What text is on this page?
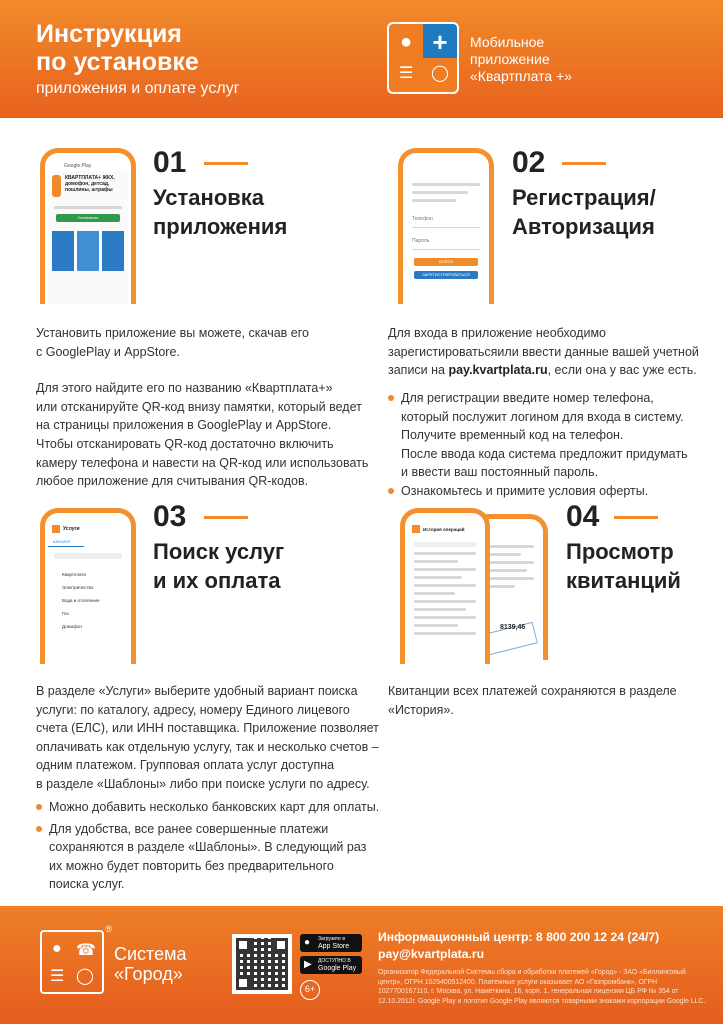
Инструкция
по установке
приложения и оплате услуг
● +
☰	◯
Мобильное
приложение
«Квартплата +»
Google Play
КВАРТПЛАТА+ ЖКХ, домофон, детсад, пошлины, штрафы
Установить
01
Установка
приложения

Установить приложение вы можете, скачав его

с GooglePlay и AppStore.

Для этого найдите его по названию «Квартплата+»

или отсканируйте QR-код внизу памятки, который ведет

на страницы приложения в GooglePlay и AppStore.

Чтобы отсканировать QR-код достаточно включить

камеру телефона и навести на QR-код или использовать

любое приложение для считывания QR-кодов.

Телефон
Пароль
ВОЙТИ
ЗАРЕГИСТРИРОВАТЬСЯ
02
Регистрация/
Авторизация

Для входа в приложение необходимо

зарегистироватьсяили ввести данные вашей учетной

записи на pay.kvartplata.ru, если она у вас уже есть.

Для регистрации введите номер телефона,
который послужит логином для входа в систему.
Получите временный код на телефон.
После ввода кода система предложит придумать
и ввести ваш постоянный пароль.
Ознакомьтесь и примите условия оферты.
Услуги
КАТАЛОГ
Квартплата
Электричество
Вода и отопление
Газ
Домофон
03
Поиск услуг
и их оплата

В разделе «Услуги» выберите удобный вариант поиска

услуги: по каталогу, адресу, номеру Единого лицевого

счета (ЕЛС), или ИНН поставщика. Приложение позволяет

оплачивать как отдельную услугу, так и несколько счетов –

одним платежом. Групповая оплата услуг доступна

в разделе «Шаблоны» либо при поиске услуги по адресу.

Можно добавить несколько банковских карт для оплаты.
Для удобства, все ранее совершенные платежи
сохраняются в разделе «Шаблоны». В следующий раз
их можно будет повторить без предварительного
поиска услуг.
История операций
8139,46
04
Просмотр
квитанций

Квитанции всех платежей сохраняются в разделе

«История».

®
● ☎
☰ ◯
Система
«Город»
●	Загрузите в
App Store
▶	ДОСТУПНО В
Google Play
6+
Информационный центр: 8 800 200 12 24 (24/7)
pay@kvartplata.ru
Организатор Федеральной Системы сбора и обработки платежей «Город» - ЗАО «Биллинговый центр», ОГРН 1025400512400. Платежные услуги оказывает АО «Газпромбанк», ОГРН 1027700167110, г. Москва, ул. Наметкина, 16, корп. 1, генеральная лицензия ЦБ РФ № 354 от 12.10.2012г. Google Play и логотип Google Play являются товарными знаками корпорации Google LLC.
